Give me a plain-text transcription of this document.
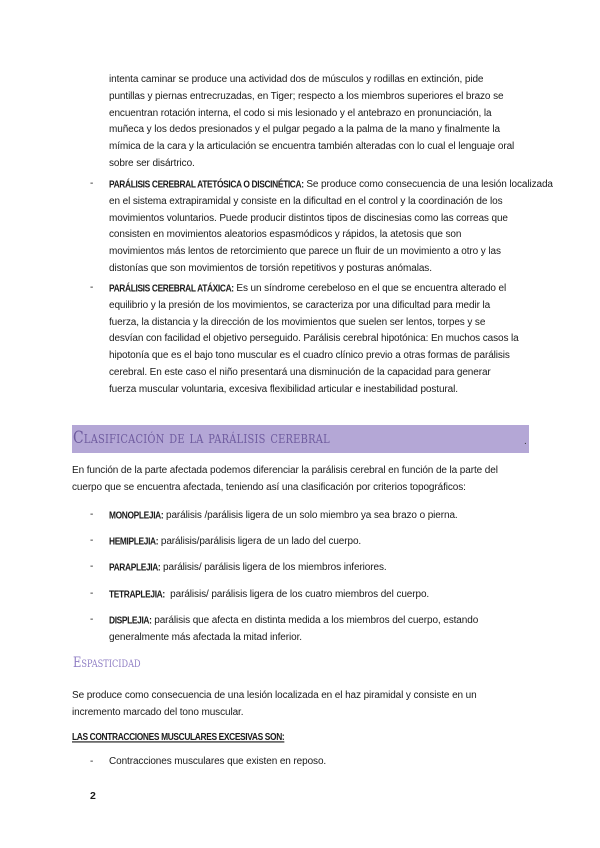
intenta caminar se produce una actividad dos de músculos y rodillas en extinción, pide
puntillas y piernas entrecruzadas, en Tiger; respecto a los miembros superiores el brazo se
encuentran rotación interna, el codo si mis lesionado y el antebrazo en pronunciación, la
muñeca y los dedos presionados y el pulgar pegado a la palma de la mano y finalmente la
mímica de la cara y la articulación se encuentra también alteradas con lo cual el lenguaje oral
sobre ser disártrico.
- PARÁLISIS CEREBRAL ATETÓSICA O DISCINÉTICA: Se produce como consecuencia de una lesión localizada
en el sistema extrapiramidal y consiste en la dificultad en el control y la coordinación de los
movimientos voluntarios. Puede producir distintos tipos de discinesias como las correas que
consisten en movimientos aleatorios espasmódicos y rápidos, la atetosis que son
movimientos más lentos de retorcimiento que parece un fluir de un movimiento a otro y las
distonías que son movimientos de torsión repetitivos y posturas anómalas.
- PARÁLISIS CEREBRAL ATÁXICA: Es un síndrome cerebeloso en el que se encuentra alterado el
equilibrio y la presión de los movimientos, se caracteriza por una dificultad para medir la
fuerza, la distancia y la dirección de los movimientos que suelen ser lentos, torpes y se
desvían con facilidad el objetivo perseguido. Parálisis cerebral hipotónica: En muchos casos la
hipotonía que es el bajo tono muscular es el cuadro clínico previo a otras formas de parálisis
cerebral. En este caso el niño presentará una disminución de la capacidad para generar
fuerza muscular voluntaria, excesiva flexibilidad articular e inestabilidad postural.
Clasificación de la parálisis cerebral	.
En función de la parte afectada podemos diferenciar la parálisis cerebral en función de la parte del
cuerpo que se encuentra afectada, teniendo así una clasificación por criterios topográficos:
- MONOPLEJIA: parálisis /parálisis ligera de un solo miembro ya sea brazo o pierna.
- HEMIPLEJIA: parálisis/parálisis ligera de un lado del cuerpo.
- PARAPLEJIA: parálisis/ parálisis ligera de los miembros inferiores.
- TETRAPLEJIA:  parálisis/ parálisis ligera de los cuatro miembros del cuerpo.
- DISPLEJIA: parálisis que afecta en distinta medida a los miembros del cuerpo, estando
generalmente más afectada la mitad inferior.
Espasticidad
Se produce como consecuencia de una lesión localizada en el haz piramidal y consiste en un
incremento marcado del tono muscular.
LAS CONTRACCIONES MUSCULARES EXCESIVAS SON:
- Contracciones musculares que existen en reposo.
2
